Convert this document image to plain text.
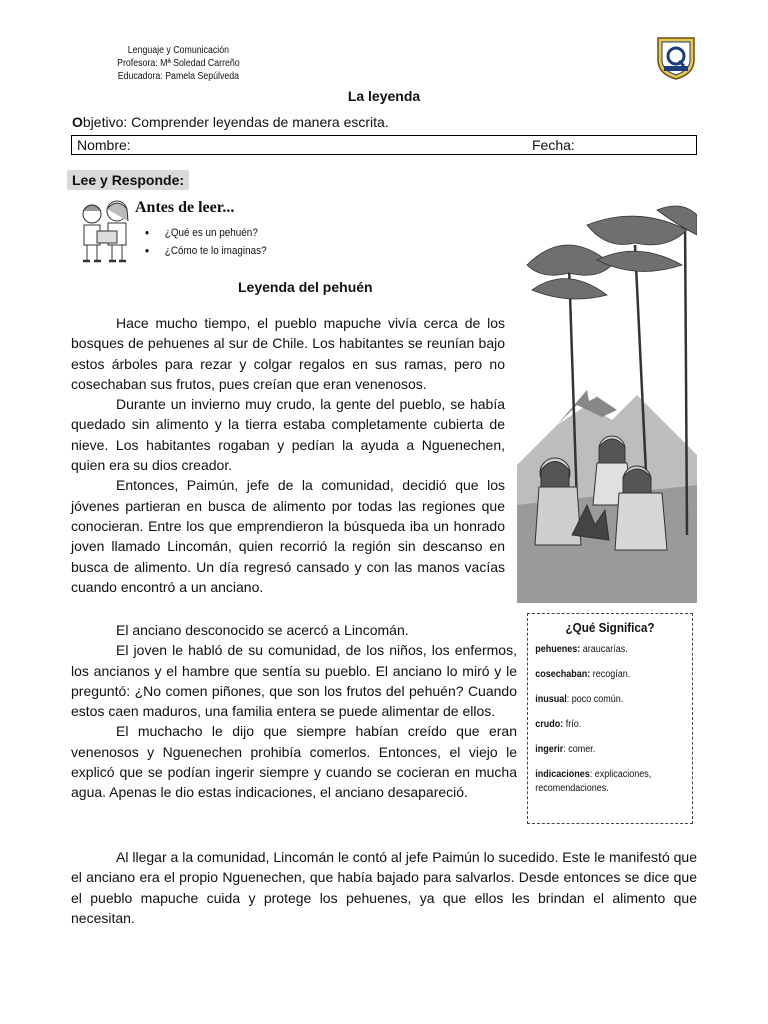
Lenguaje y Comunicación
Profesora: Mª Soledad Carreño
Educadora: Pamela Sepúlveda
La leyenda
Objetivo: Comprender leyendas de manera escrita.
Nombre:	Fecha:
Lee y Responde:
Antes de leer...
• ¿Qué es un pehuén?
• ¿Cómo te lo imaginas?
Leyenda del pehuén

Hace mucho tiempo, el pueblo mapuche vivía cerca de los bosques de pehuenes al sur de Chile. Los habitantes se reunían bajo estos árboles para rezar y colgar regalos en sus ramas, pero no cosechaban sus frutos, pues creían que eran venenosos.

Durante un invierno muy crudo, la gente del pueblo, se había quedado sin alimento y la tierra estaba completamente cubierta de nieve. Los habitantes rogaban y pedían la ayuda a Nguenechen, quien era su dios creador.

Entonces, Paimún, jefe de la comunidad, decidió que los jóvenes partieran en busca de alimento por todas las regiones que conocieran. Entre los que emprendieron la búsqueda iba un honrado joven llamado Lincomán, quien recorrió la región sin descanso en busca de alimento. Un día regresó cansado y con las manos vacías cuando encontró a un anciano.

El anciano desconocido se acercó a Lincomán.

El joven le habló de su comunidad, de los niños, los enfermos, los ancianos y el hambre que sentía su pueblo. El anciano lo miró y le preguntó: ¿No comen piñones, que son los frutos del pehuén? Cuando estos caen maduros, una familia entera se puede alimentar de ellos.

El muchacho le dijo que siempre habían creído que eran venenosos y Nguenechen prohibía comerlos. Entonces, el viejo le explicó que se podían ingerir siempre y cuando se cocieran en mucha agua. Apenas le dio estas indicaciones, el anciano desapareció.

Al llegar a la comunidad, Lincomán le contó al jefe Paimún lo sucedido. Este le manifestó que el anciano era el propio Nguenechen, que había bajado para salvarlos. Desde entonces se dice que el pueblo mapuche cuida y protege los pehuenes, ya que ellos les brindan el alimento que necesitan.

¿Qué Significa?
pehuenes: araucarías.
cosechaban: recogían.
inusual: poco común.
crudo: frío.
ingerir: comer.
indicaciones: explicaciones, recomendaciones.
